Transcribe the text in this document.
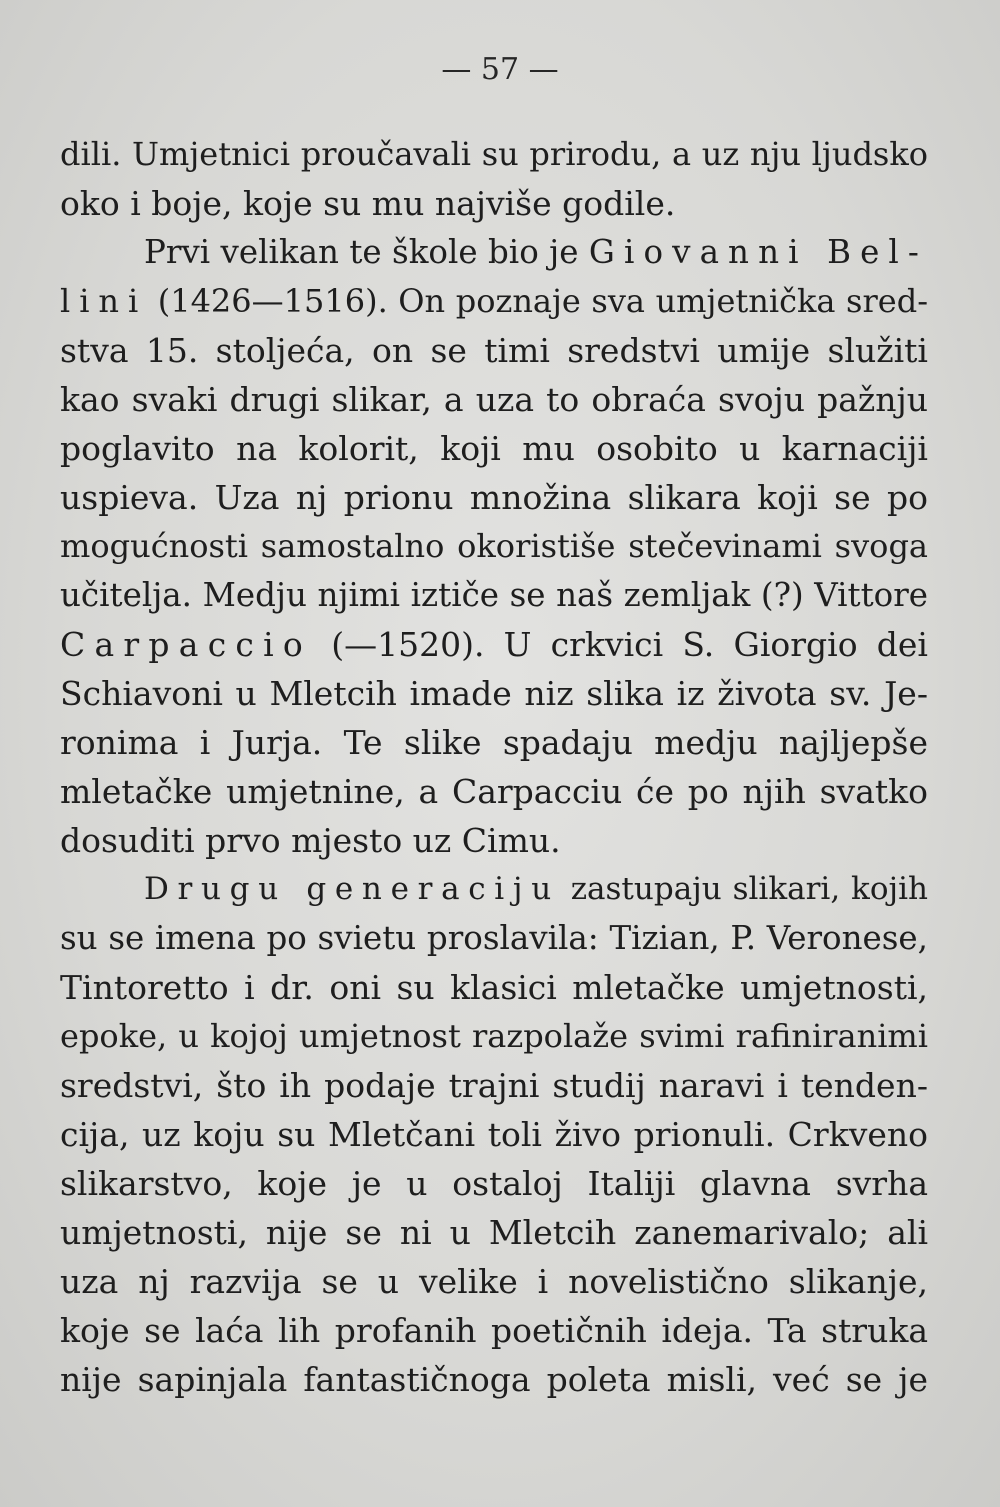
— 57 —
dili. Umjetnici proučavali su prirodu, a uz nju ljudsko
oko i boje, koje su mu najviše godile.
Prvi velikan te škole bio je Giovanni Bel-
lini (1426—1516). On poznaje sva umjetnička sred-
stva 15. stoljeća, on se timi sredstvi umije služiti
kao svaki drugi slikar, a uza to obraća svoju pažnju
poglavito na kolorit, koji mu osobito u karnaciji
uspieva. Uza nj prionu množina slikara koji se po
mogućnosti samostalno okoristiše stečevinami svoga
učitelja. Medju njimi iztiče se naš zemljak (?) Vittore
Carpaccio (—1520). U crkvici S. Giorgio dei
Schiavoni u Mletcih imade niz slika iz života sv. Je-
ronima i Jurja. Te slike spadaju medju najljepše
mletačke umjetnine, a Carpacciu će po njih svatko
dosuditi prvo mjesto uz Cimu.
Drugu generaciju zastupaju slikari, kojih
su se imena po svietu proslavila: Tizian, P. Veronese,
Tintoretto i dr. oni su klasici mletačke umjetnosti,
epoke, u kojoj umjetnost razpolaže svimi rafiniranimi
sredstvi, što ih podaje trajni studij naravi i tenden-
cija, uz koju su Mletčani toli živo prionuli. Crkveno
slikarstvo, koje je u ostaloj Italiji glavna svrha
umjetnosti, nije se ni u Mletcih zanemarivalo; ali
uza nj razvija se u velike i novelistično slikanje,
koje se laća lih profanih poetičnih ideja. Ta struka
nije sapinjala fantastičnoga poleta misli, već se je
